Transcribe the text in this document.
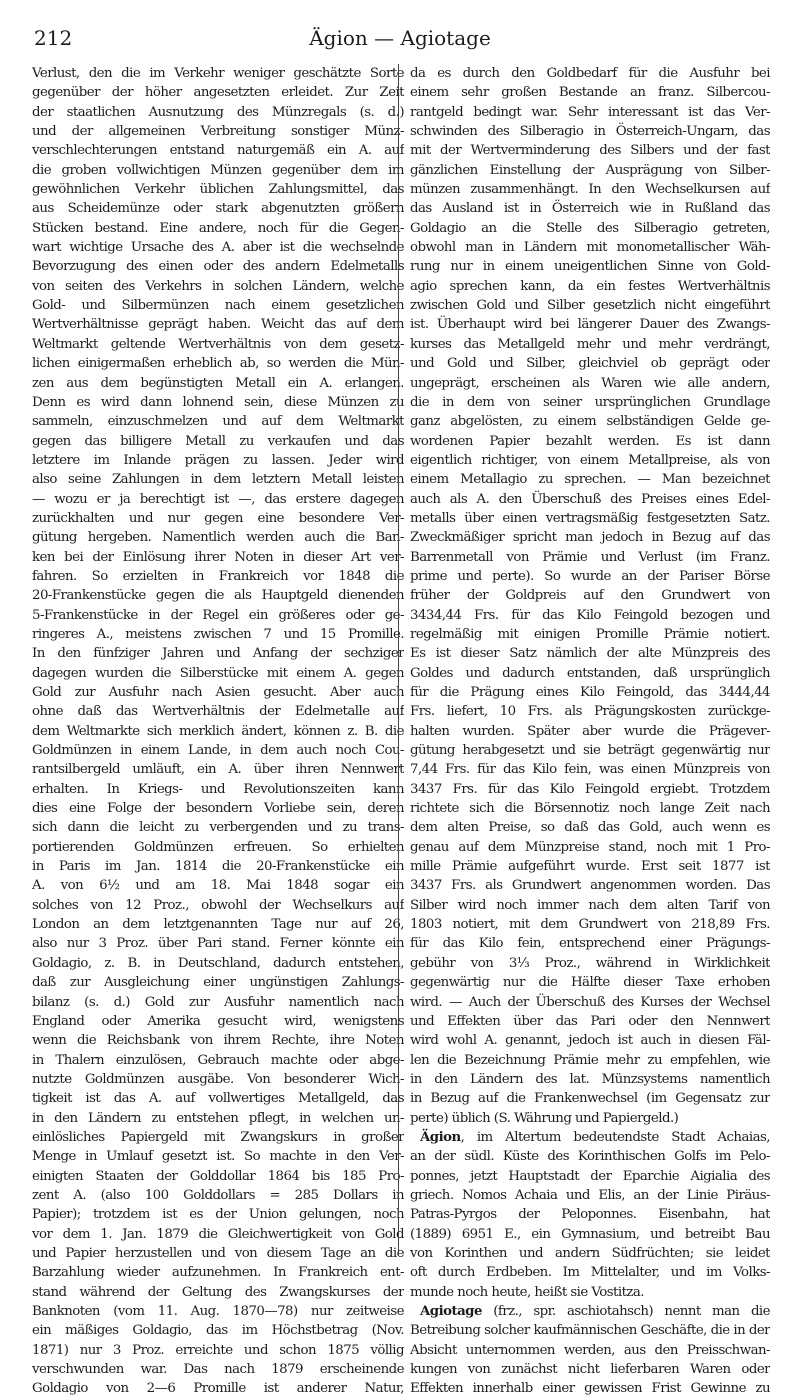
212	Ägion — Agiotage
Verlust, den die im Verkehr weniger geschätzte Sorte
gegenüber der höher angesetzten erleidet. Zur Zeit
der staatlichen Ausnutzung des Münzregals (s. d.)
und der allgemeinen Verbreitung sonstiger Münz-
verschlechterungen entstand naturgemäß ein A. auf
die groben vollwichtigen Münzen gegenüber dem im
gewöhnlichen Verkehr üblichen Zahlungsmittel, das
aus Scheidemünze oder stark abgenutzten größern
Stücken bestand. Eine andere, noch für die Gegen-
wart wichtige Ursache des A. aber ist die wechselnde
Bevorzugung des einen oder des andern Edelmetalls
von seiten des Verkehrs in solchen Ländern, welche
Gold- und Silbermünzen nach einem gesetzlichen
Wertverhältnisse geprägt haben. Weicht das auf dem
Weltmarkt geltende Wertverhältnis von dem gesetz-
lichen einigermaßen erheblich ab, so werden die Mün-
zen aus dem begünstigten Metall ein A. erlangen.
Denn es wird dann lohnend sein, diese Münzen zu
sammeln, einzuschmelzen und auf dem Weltmarkt
gegen das billigere Metall zu verkaufen und das
letztere im Inlande prägen zu lassen. Jeder wird
also seine Zahlungen in dem letztern Metall leisten
— wozu er ja berechtigt ist —, das erstere dagegen
zurückhalten und nur gegen eine besondere Ver-
gütung hergeben. Namentlich werden auch die Ban-
ken bei der Einlösung ihrer Noten in dieser Art ver-
fahren. So erzielten in Frankreich vor 1848 die
20-Frankenstücke gegen die als Hauptgeld dienenden
5-Frankenstücke in der Regel ein größeres oder ge-
ringeres A., meistens zwischen 7 und 15 Promille.
In den fünfziger Jahren und Anfang der sechziger
dagegen wurden die Silberstücke mit einem A. gegen
Gold zur Ausfuhr nach Asien gesucht. Aber auch
ohne daß das Wertverhältnis der Edelmetalle auf
dem Weltmarkte sich merklich ändert, können z. B. die
Goldmünzen in einem Lande, in dem auch noch Cou-
rantsilbergeld umläuft, ein A. über ihren Nennwert
erhalten. In Kriegs- und Revolutionszeiten kann
dies eine Folge der besondern Vorliebe sein, deren
sich dann die leicht zu verbergenden und zu trans-
portierenden Goldmünzen erfreuen. So erhielten
in Paris im Jan. 1814 die 20-Frankenstücke ein
A. von 6½ und am 18. Mai 1848 sogar ein
solches von 12 Proz., obwohl der Wechselkurs auf
London an dem letztgenannten Tage nur auf 26,
also nur 3 Proz. über Pari stand. Ferner könnte ein
Goldagio, z. B. in Deutschland, dadurch entstehen,
daß zur Ausgleichung einer ungünstigen Zahlungs-
bilanz (s. d.) Gold zur Ausfuhr namentlich nach
England oder Amerika gesucht wird, wenigstens
wenn die Reichsbank von ihrem Rechte, ihre Noten
in Thalern einzulösen, Gebrauch machte oder abge-
nutzte Goldmünzen ausgäbe. Von besonderer Wich-
tigkeit ist das A. auf vollwertiges Metallgeld, das
in den Ländern zu entstehen pflegt, in welchen un-
einlösliches Papiergeld mit Zwangskurs in großer
Menge in Umlauf gesetzt ist. So machte in den Ver-
einigten Staaten der Golddollar 1864 bis 185 Pro-
zent A. (also 100 Golddollars = 285 Dollars in
Papier); trotzdem ist es der Union gelungen, noch
vor dem 1. Jan. 1879 die Gleichwertigkeit von Gold
und Papier herzustellen und von diesem Tage an die
Barzahlung wieder aufzunehmen. In Frankreich ent-
stand während der Geltung des Zwangskurses der
Banknoten (vom 11. Aug. 1870—78) nur zeitweise
ein mäßiges Goldagio, das im Höchstbetrag (Nov.
1871) nur 3 Proz. erreichte und schon 1875 völlig
verschwunden war. Das nach 1879 erscheinende
Goldagio von 2—6 Promille ist anderer Natur,
da es durch den Goldbedarf für die Ausfuhr bei
einem sehr großen Bestande an franz. Silbercou-
rantgeld bedingt war. Sehr interessant ist das Ver-
schwinden des Silberagio in Österreich-Ungarn, das
mit der Wertverminderung des Silbers und der fast
gänzlichen Einstellung der Ausprägung von Silber-
münzen zusammenhängt. In den Wechselkursen auf
das Ausland ist in Österreich wie in Rußland das
Goldagio an die Stelle des Silberagio getreten,
obwohl man in Ländern mit monometallischer Wäh-
rung nur in einem uneigentlichen Sinne von Gold-
agio sprechen kann, da ein festes Wertverhältnis
zwischen Gold und Silber gesetzlich nicht eingeführt
ist. Überhaupt wird bei längerer Dauer des Zwangs-
kurses das Metallgeld mehr und mehr verdrängt,
und Gold und Silber, gleichviel ob geprägt oder
ungeprägt, erscheinen als Waren wie alle andern,
die in dem von seiner ursprünglichen Grundlage
ganz abgelösten, zu einem selbständigen Gelde ge-
wordenen Papier bezahlt werden. Es ist dann
eigentlich richtiger, von einem Metallpreise, als von
einem Metallagio zu sprechen. — Man bezeichnet
auch als A. den Überschuß des Preises eines Edel-
metalls über einen vertragsmäßig festgesetzten Satz.
Zweckmäßiger spricht man jedoch in Bezug auf das
Barrenmetall von Prämie und Verlust (im Franz.
prime und perte). So wurde an der Pariser Börse
früher der Goldpreis auf den Grundwert von
3434,44 Frs. für das Kilo Feingold bezogen und
regelmäßig mit einigen Promille Prämie notiert.
Es ist dieser Satz nämlich der alte Münzpreis des
Goldes und dadurch entstanden, daß ursprünglich
für die Prägung eines Kilo Feingold, das 3444,44
Frs. liefert, 10 Frs. als Prägungskosten zurückge-
halten wurden. Später aber wurde die Prägever-
gütung herabgesetzt und sie beträgt gegenwärtig nur
7,44 Frs. für das Kilo fein, was einen Münzpreis von
3437 Frs. für das Kilo Feingold ergiebt. Trotzdem
richtete sich die Börsennotiz noch lange Zeit nach
dem alten Preise, so daß das Gold, auch wenn es
genau auf dem Münzpreise stand, noch mit 1 Pro-
mille Prämie aufgeführt wurde. Erst seit 1877 ist
3437 Frs. als Grundwert angenommen worden. Das
Silber wird noch immer nach dem alten Tarif von
1803 notiert, mit dem Grundwert von 218,89 Frs.
für das Kilo fein, entsprechend einer Prägungs-
gebühr von 3⅓ Proz., während in Wirklichkeit
gegenwärtig nur die Hälfte dieser Taxe erhoben
wird. — Auch der Überschuß des Kurses der Wechsel
und Effekten über das Pari oder den Nennwert
wird wohl A. genannt, jedoch ist auch in diesen Fäl-
len die Bezeichnung Prämie mehr zu empfehlen, wie
in den Ländern des lat. Münzsystems namentlich
in Bezug auf die Frankenwechsel (im Gegensatz zur
perte) üblich (S. Währung und Papiergeld.)
Ägion, im Altertum bedeutendste Stadt Achaias,
an der südl. Küste des Korinthischen Golfs im Pelo-
ponnes, jetzt Hauptstadt der Eparchie Aigialia des
griech. Nomos Achaia und Elis, an der Linie Piräus-
Patras-Pyrgos der Peloponnes. Eisenbahn, hat
(1889) 6951 E., ein Gymnasium, und betreibt Bau
von Korinthen und andern Südfrüchten; sie leidet
oft durch Erdbeben. Im Mittelalter, und im Volks-
munde noch heute, heißt sie Vostitza.
Agiotage (frz., spr. aschiotahsch) nennt man die
Betreibung solcher kaufmännischen Geschäfte, die in der
Absicht unternommen werden, aus den Preisschwan-
kungen von zunächst nicht lieferbaren Waren oder
Effekten innerhalb einer gewissen Frist Gewinne zu
